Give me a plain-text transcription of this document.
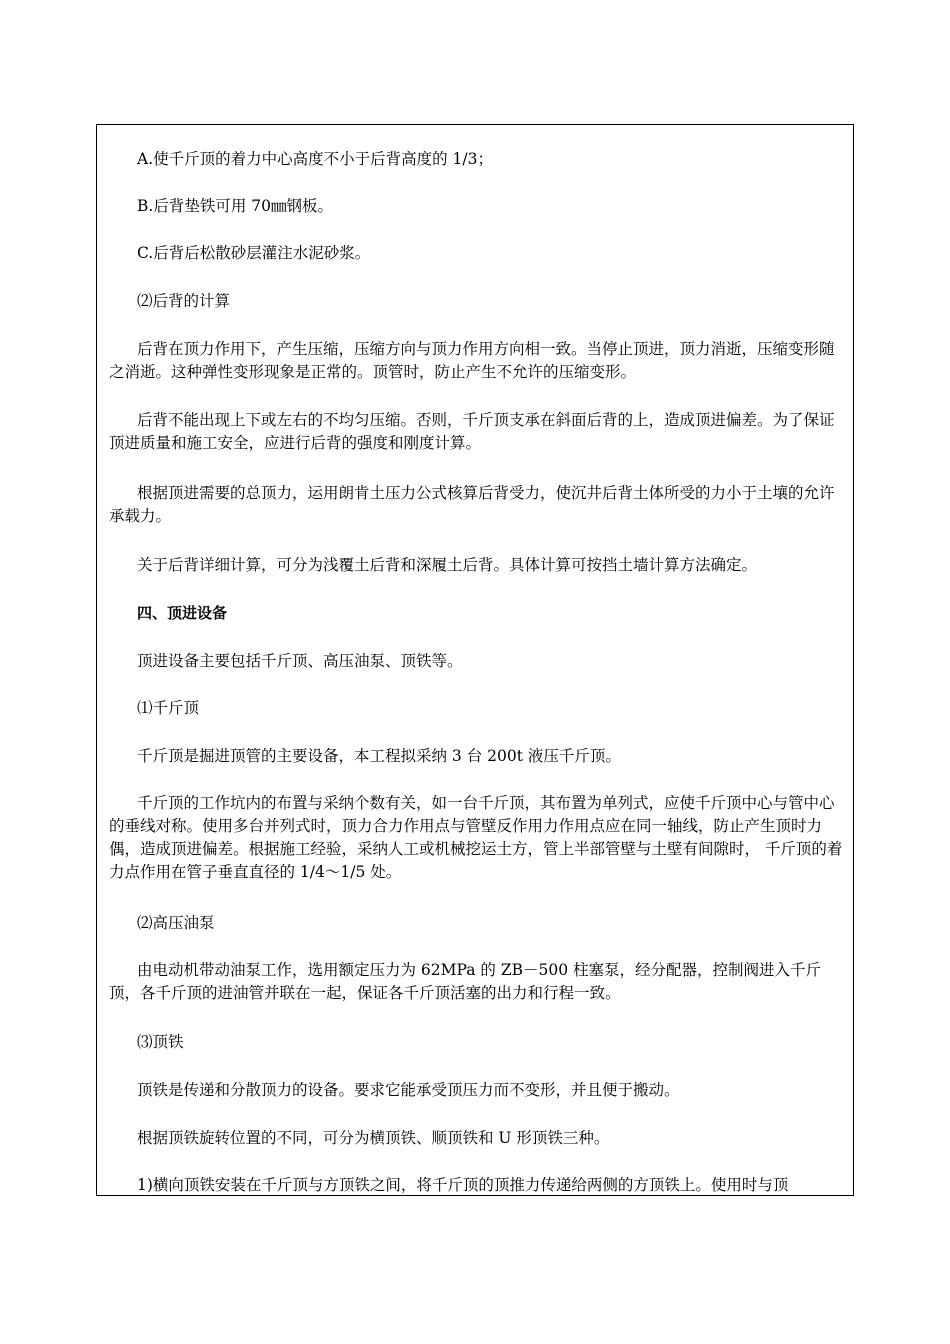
A.使千斤顶的着力中心高度不小于后背高度的 1/3；

B.后背垫铁可用 70㎜钢板。

C.后背后松散砂层灌注水泥砂浆。

⑵后背的计算

后背在顶力作用下，产生压缩，压缩方向与顶力作用方向相一致。当停止顶进，顶力消逝，压缩变形随之消逝。这种弹性变形现象是正常的。顶管时，防止产生不允许的压缩变形。

后背不能出现上下或左右的不均匀压缩。否则，千斤顶支承在斜面后背的上，造成顶进偏差。为了保证顶进质量和施工安全，应进行后背的强度和刚度计算。

根据顶进需要的总顶力，运用朗肯土压力公式核算后背受力，使沉井后背土体所受的力小于土壤的允许承载力。

关于后背详细计算，可分为浅覆土后背和深履土后背。具体计算可按挡土墙计算方法确定。

四、顶进设备

顶进设备主要包括千斤顶、高压油泵、顶铁等。

⑴千斤顶

千斤顶是掘进顶管的主要设备，本工程拟采纳 3 台 200t 液压千斤顶。

千斤顶的工作坑内的布置与采纳个数有关，如一台千斤顶，其布置为单列式，应使千斤顶中心与管中心的垂线对称。使用多台并列式时，顶力合力作用点与管壁反作用力作用点应在同一轴线，防止产生顶时力偶，造成顶进偏差。根据施工经验，采纳人工或机械挖运土方，管上半部管壁与土壁有间隙时， 千斤顶的着力点作用在管子垂直直径的 1/4～1/5 处。

⑵高压油泵

由电动机带动油泵工作，选用额定压力为 62MPa 的 ZB－500 柱塞泵，经分配器，控制阀进入千斤顶，各千斤顶的进油管并联在一起，保证各千斤顶活塞的出力和行程一致。

⑶顶铁

顶铁是传递和分散顶力的设备。要求它能承受顶压力而不变形，并且便于搬动。

根据顶铁旋转位置的不同，可分为横顶铁、顺顶铁和 U 形顶铁三种。

1)横向顶铁安装在千斤顶与方顶铁之间，将千斤顶的顶推力传递给两侧的方顶铁上。使用时与顶
